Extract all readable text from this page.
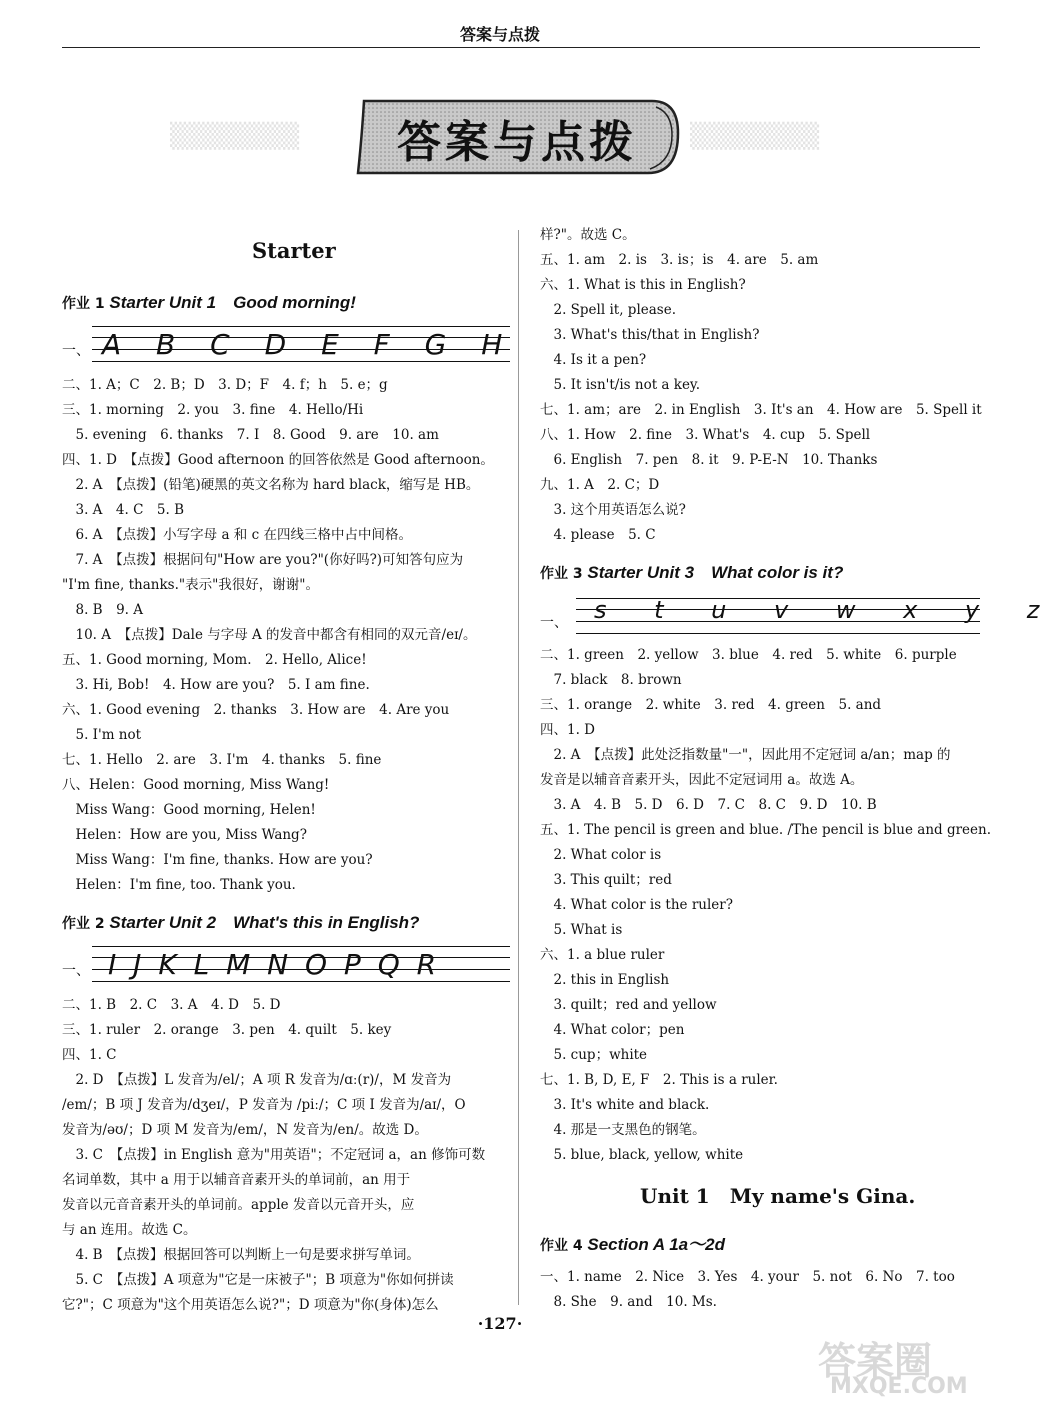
答案与点拨
▒▒▒▒▒▒▒	▒▒▒▒▒▒▒
答案与点拨
Starter
作业 1 Starter Unit 1　Good morning!
一、 A B C D E F G H
二、1. A；C　2. B；D　3. D；F　4. f；h　5. e；g
三、1. morning　2. you　3. fine　4. Hello/Hi
　5. evening　6. thanks　7. I　8. Good　9. are　10. am
四、1. D　【点拨】Good afternoon 的回答依然是 Good afternoon。
　2. A　【点拨】(铅笔)硬黑的英文名称为 hard black，缩写是 HB。
　3. A　4. C　5. B
　6. A　【点拨】小写字母 a 和 c 在四线三格中占中间格。
　7. A　【点拨】根据问句"How are you?"(你好吗?)可知答句应为
"I'm fine, thanks."表示"我很好，谢谢"。
　8. B　9. A
　10. A　【点拨】Dale 与字母 A 的发音中都含有相同的双元音/eɪ/。
五、1. Good morning, Mom.　2. Hello, Alice!
　3. Hi, Bob!　4. How are you?　5. I am fine.
六、1. Good evening　2. thanks　3. How are　4. Are you
　5. I'm not
七、1. Hello　2. are　3. I'm　4. thanks　5. fine
八、Helen：Good morning, Miss Wang!
　Miss Wang：Good morning, Helen!
　Helen：How are you, Miss Wang?
　Miss Wang：I'm fine, thanks. How are you?
　Helen：I'm fine, too. Thank you.
作业 2 Starter Unit 2　What's this in English?
一、 I J K L M N O P Q R
二、1. B　2. C　3. A　4. D　5. D
三、1. ruler　2. orange　3. pen　4. quilt　5. key
四、1. C
　2. D　【点拨】L 发音为/el/；A 项 R 发音为/ɑː(r)/，M 发音为
/em/；B 项 J 发音为/dʒeɪ/，P 发音为 /piː/；C 项 I 发音为/aɪ/，O
发音为/əʊ/；D 项 M 发音为/em/，N 发音为/en/。故选 D。
　3. C　【点拨】in English 意为"用英语"；不定冠词 a，an 修饰可数
名词单数，其中 a 用于以辅音音素开头的单词前，an 用于
发音以元音音素开头的单词前。apple 发音以元音开头，应
与 an 连用。故选 C。
　4. B　【点拨】根据回答可以判断上一句是要求拼写单词。
　5. C　【点拨】A 项意为"它是一床被子"；B 项意为"你如何拼读
它?"；C 项意为"这个用英语怎么说?"；D 项意为"你(身体)怎么
样?"。故选 C。
五、1. am　2. is　3. is；is　4. are　5. am
六、1. What is this in English?
　2. Spell it, please.
　3. What's this/that in English?
　4. Is it a pen?
　5. It isn't/is not a key.
七、1. am；are　2. in English　3. It's an　4. How are　5. Spell it
八、1. How　2. fine　3. What's　4. cup　5. Spell
　6. English　7. pen　8. it　9. P-E-N　10. Thanks
九、1. A　2. C；D
　3. 这个用英语怎么说?
　4. please　5. C
作业 3 Starter Unit 3　What color is it?
一、 s t u v w x y z
二、1. green　2. yellow　3. blue　4. red　5. white　6. purple
　7. black　8. brown
三、1. orange　2. white　3. red　4. green　5. and
四、1. D
　2. A　【点拨】此处泛指数量"一"，因此用不定冠词 a/an；map 的
发音是以辅音音素开头，因此不定冠词用 a。故选 A。
　3. A　4. B　5. D　6. D　7. C　8. C　9. D　10. B
五、1. The pencil is green and blue. /The pencil is blue and green.
　2. What color is
　3. This quilt；red
　4. What color is the ruler?
　5. What is
六、1. a blue ruler
　2. this in English
　3. quilt；red and yellow
　4. What color；pen
　5. cup；white
七、1. B, D, E, F　2. This is a ruler.
　3. It's white and black.
　4. 那是一支黑色的钢笔。
　5. blue, black, yellow, white
Unit 1　My name's Gina.
作业 4 Section A 1a～2d
一、1. name　2. Nice　3. Yes　4. your　5. not　6. No　7. too
　8. She　9. and　10. Ms.
·127·
答案圈
MXQE.COM
